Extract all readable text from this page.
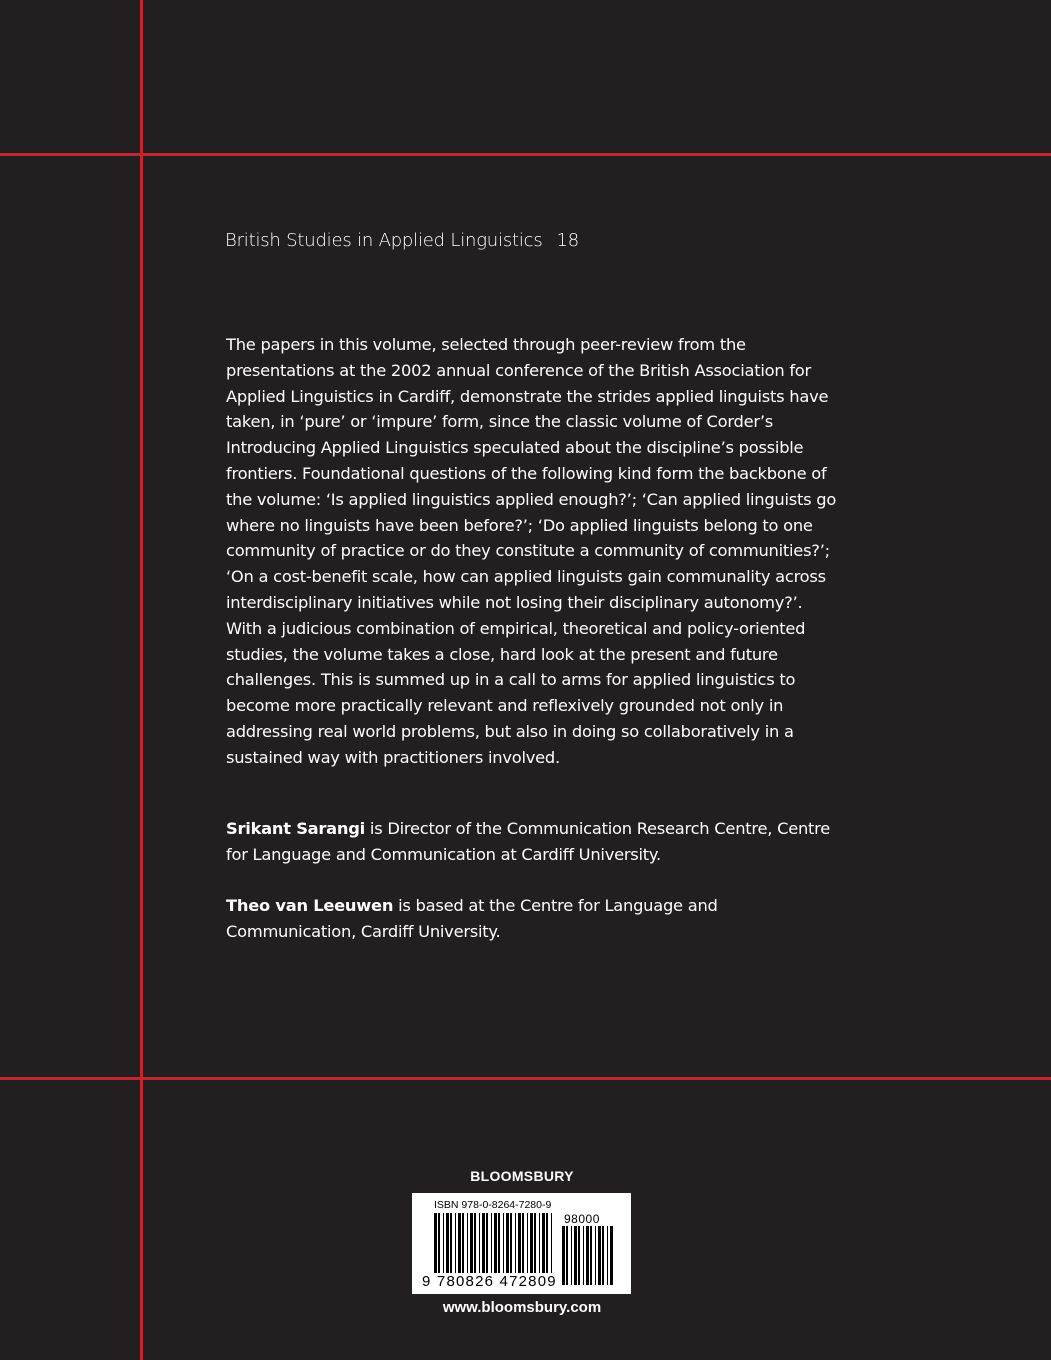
British Studies in Applied Linguistics 18

The papers in this volume, selected through peer-review from the presentations at the 2002 annual conference of the British Association for Applied Linguistics in Cardiff, demonstrate the strides applied linguists have taken, in ‘pure’ or ‘impure’ form, since the classic volume of Corder’s Introducing Applied Linguistics speculated about the discipline’s possible frontiers. Foundational questions of the following kind form the backbone of the volume: ‘Is applied linguistics applied enough?’; ‘Can applied linguists go where no linguists have been before?’; ‘Do applied linguists belong to one community of practice or do they constitute a community of communities?’; ‘On a cost-benefit scale, how can applied linguists gain communality across interdisciplinary initiatives while not losing their disciplinary autonomy?’. With a judicious combination of empirical, theoretical and policy-oriented studies, the volume takes a close, hard look at the present and future challenges. This is summed up in a call to arms for applied linguistics to become more practically relevant and reflexively grounded not only in addressing real world problems, but also in doing so collaboratively in a sustained way with practitioners involved.

Srikant Sarangi is Director of the Communication Research Centre, Centre for Language and Communication at Cardiff University.

Theo van Leeuwen is based at the Centre for Language and Communication, Cardiff University.

BLOOMSBURY
ISBN 978-0-8264-7280-9
98000
9 780826 472809
www.bloomsbury.com
